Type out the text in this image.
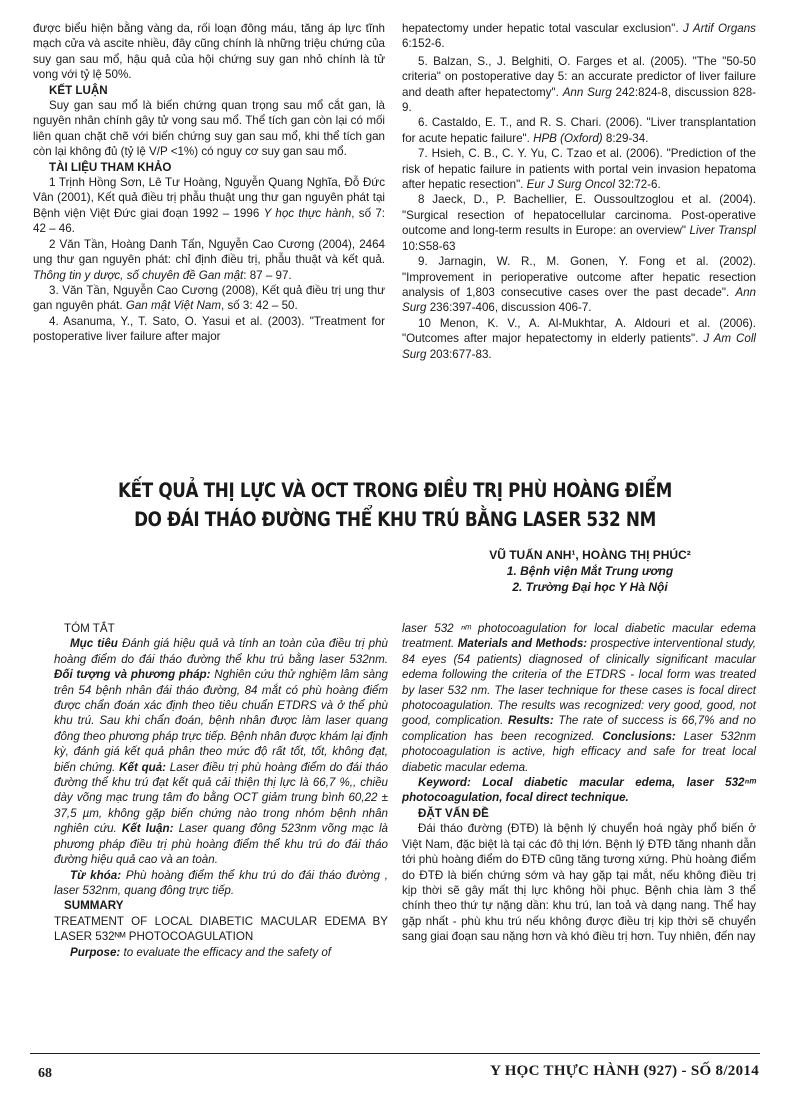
được biểu hiện bằng vàng da, rối loạn đông máu, tăng áp lực tĩnh mạch cửa và ascite nhiều, đây cũng chính là những triệu chứng của suy gan sau mổ, hậu quả của hội chứng suy gan nhỏ chính là tử vong với tỷ lệ 50%.

KẾT LUẬN

Suy gan sau mổ là biến chứng quan trọng sau mổ cắt gan, là nguyên nhân chính gây tử vong sau mổ. Thể tích gan còn lại có mối liên quan chặt chẽ với biến chứng suy gan sau mổ, khi thể tích gan còn lại không đủ (tỷ lệ V/P <1%) có nguy cơ suy gan sau mổ.

TÀI LIỆU THAM KHẢO

1 Trịnh Hồng Sơn, Lê Tư Hoàng, Nguyễn Quang Nghĩa, Đỗ Đức Vân (2001), Kết quả điều trị phẫu thuật ung thư gan nguyên phát tại Bệnh viện Việt Đức giai đoạn 1992 – 1996 Y học thực hành, số 7: 42 – 46.

2 Văn Tần, Hoàng Danh Tấn, Nguyễn Cao Cương (2004), 2464 ung thư gan nguyên phát: chỉ định điều trị, phẫu thuật và kết quả. Thông tin y dược, số chuyên đề Gan mật: 87 – 97.

3. Văn Tần, Nguyễn Cao Cương (2008), Kết quả điều trị ung thư gan nguyên phát. Gan mật Việt Nam, số 3: 42 – 50.

4. Asanuma, Y., T. Sato, O. Yasui et al. (2003). "Treatment for postoperative liver failure after major

hepatectomy under hepatic total vascular exclusion". J Artif Organs 6:152-6.

5. Balzan, S., J. Belghiti, O. Farges et al. (2005). "The "50-50 criteria" on postoperative day 5: an accurate predictor of liver failure and death after hepatectomy". Ann Surg 242:824-8, discussion 828-9.

6. Castaldo, E. T., and R. S. Chari. (2006). "Liver transplantation for acute hepatic failure". HPB (Oxford) 8:29-34.

7. Hsieh, C. B., C. Y. Yu, C. Tzao et al. (2006). "Prediction of the risk of hepatic failure in patients with portal vein invasion hepatoma after hepatic resection". Eur J Surg Oncol 32:72-6.

8 Jaeck, D., P. Bachellier, E. Oussoultzoglou et al. (2004). "Surgical resection of hepatocellular carcinoma. Post-operative outcome and long-term results in Europe: an overview" Liver Transpl 10:S58-63

9. Jarnagin, W. R., M. Gonen, Y. Fong et al. (2002). "Improvement in perioperative outcome after hepatic resection analysis of 1,803 consecutive cases over the past decade". Ann Surg 236:397-406, discussion 406-7.

10 Menon, K. V., A. Al-Mukhtar, A. Aldouri et al. (2006). "Outcomes after major hepatectomy in elderly patients". J Am Coll Surg 203:677-83.

KẾT QUẢ THỊ LỰC VÀ OCT TRONG ĐIỀU TRỊ PHÙ HOÀNG ĐIỂM
DO ĐÁI THÁO ĐƯỜNG THỂ KHU TRÚ BẰNG LASER 532 NM
VŨ TUẤN ANH¹, HOÀNG THỊ PHÚC²
1. Bệnh viện Mắt Trung ương
2. Trường Đại học Y Hà Nội

TÓM TẮT

Mục tiêu Đánh giá hiệu quả và tính an toàn của điều trị phù hoàng điểm do đái tháo đường thể khu trú bằng laser 532nm. Đối tượng và phương pháp: Nghiên cứu thử nghiệm lâm sàng trên 54 bệnh nhân đái tháo đường, 84 mắt có phù hoàng điểm được chẩn đoán xác định theo tiêu chuẩn ETDRS và ở thể phù khu trú. Sau khi chẩn đoán, bệnh nhân được làm laser quang đông theo phương pháp trực tiếp. Bệnh nhân được khám lại định kỳ, đánh giá kết quả phân theo mức độ rất tốt, tốt, không đạt, biến chứng. Kết quả: Laser điều trị phù hoàng điểm do đái tháo đường thể khu trú đạt kết quả cải thiện thị lực là 66,7 %,, chiều dày võng mạc trung tâm đo bằng OCT giảm trung bình 60,22 ± 37,5 µm, không gặp biến chứng nào trong nhóm bệnh nhân nghiên cứu. Kết luận: Laser quang đông 523nm võng mạc là phương pháp điều trị phù hoàng điểm thể khu trú do đái tháo đường hiệu quả cao và an toàn.

Từ khóa: Phù hoàng điểm thể khu trú do đái tháo đường , laser 532nm, quang đông trực tiếp.

SUMMARY

TREATMENT OF LOCAL DIABETIC MACULAR EDEMA BY LASER 532ᴺᴹ PHOTOCOAGULATION

Purpose: to evaluate the efficacy and the safety of

laser 532 ⁿᵐ photocoagulation for local diabetic macular edema treatment. Materials and Methods: prospective interventional study, 84 eyes (54 patients) diagnosed of clinically significant macular edema following the criteria of the ETDRS - local form was treated by laser 532 nm. The laser technique for these cases is focal direct photocoagulation. The results was recognized: very good, good, not good, complication. Results: The rate of success is 66,7% and no complication has been recognized. Conclusions: Laser 532nm photocoagulation is active, high efficacy and safe for treat local diabetic macular edema.

Keyword: Local diabetic macular edema, laser 532ⁿᵐ photocoagulation, focal direct technique.

ĐẶT VẤN ĐỀ

Đái tháo đường (ĐTĐ) là bệnh lý chuyển hoá ngày phổ biến ở Việt Nam, đặc biệt là tại các đô thị lớn. Bệnh lý ĐTĐ tăng nhanh dẫn tới phù hoàng điểm do ĐTĐ cũng tăng tương xứng. Phù hoàng điểm do ĐTĐ là biến chứng sớm và hay gặp tại mắt, nếu không điều trị kịp thời sẽ gây mất thị lực không hồi phục. Bệnh chia làm 3 thể chính theo thứ tự nặng dần: khu trú, lan toả và dạng nang. Thể hay gặp nhất - phù khu trú nếu không được điều trị kịp thời sẽ chuyển sang giai đoạn sau nặng hơn và khó điều trị hơn. Tuy nhiên, đến nay

68	Y HỌC THỰC HÀNH (927) - SỐ 8/2014
